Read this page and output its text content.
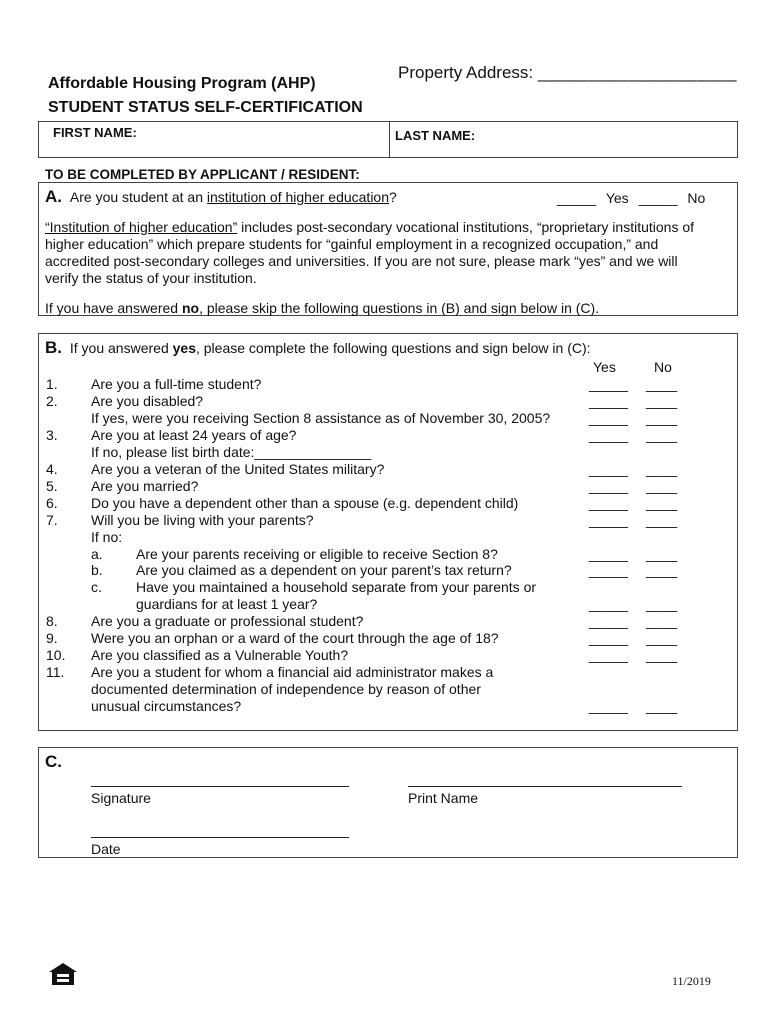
Property Address: ____________________
Affordable Housing Program (AHP)
STUDENT STATUS SELF-CERTIFICATION
FIRST NAME:	LAST NAME:
TO BE COMPLETED BY APPLICANT / RESIDENT:
A. Are you student at an institution of higher education?	_____ Yes _____ No
“Institution of higher education” includes post-secondary vocational institutions, “proprietary institutions of
higher education” which prepare students for “gainful employment in a recognized occupation,” and
accredited post-secondary colleges and universities. If you are not sure, please mark “yes” and we will
verify the status of your institution.
If you have answered no, please skip the following questions in (B) and sign below in (C).
B. If you answered yes, please complete the following questions and sign below in (C):
Yes	No
1. Are you a full-time student?	_____ ____
2. Are you disabled?	_____ ____
If yes, were you receiving Section 8 assistance as of November 30, 2005?	_____ ____
3. Are you at least 24 years of age?	_____ ____
If no, please list birth date:_______________
4. Are you a veteran of the United States military?	_____ ____
5. Are you married?	_____ ____
6. Do you have a dependent other than a spouse (e.g. dependent child)	_____ ____
7. Will you be living with your parents?	_____ ____
If no:
a. Are your parents receiving or eligible to receive Section 8?	_____ ____
b. Are you claimed as a dependent on your parent’s tax return?	_____ ____
c. Have you maintained a household separate from your parents or
guardians for at least 1 year?	_____ ____
8. Are you a graduate or professional student?	_____ ____
9. Were you an orphan or a ward of the court through the age of 18?	_____ ____
10. Are you classified as a Vulnerable Youth?	_____ ____
11. Are you a student for whom a financial aid administrator makes a
documented determination of independence by reason of other
unusual circumstances?	_____ ____
C.
Signature	Print Name
Date
11/2019
